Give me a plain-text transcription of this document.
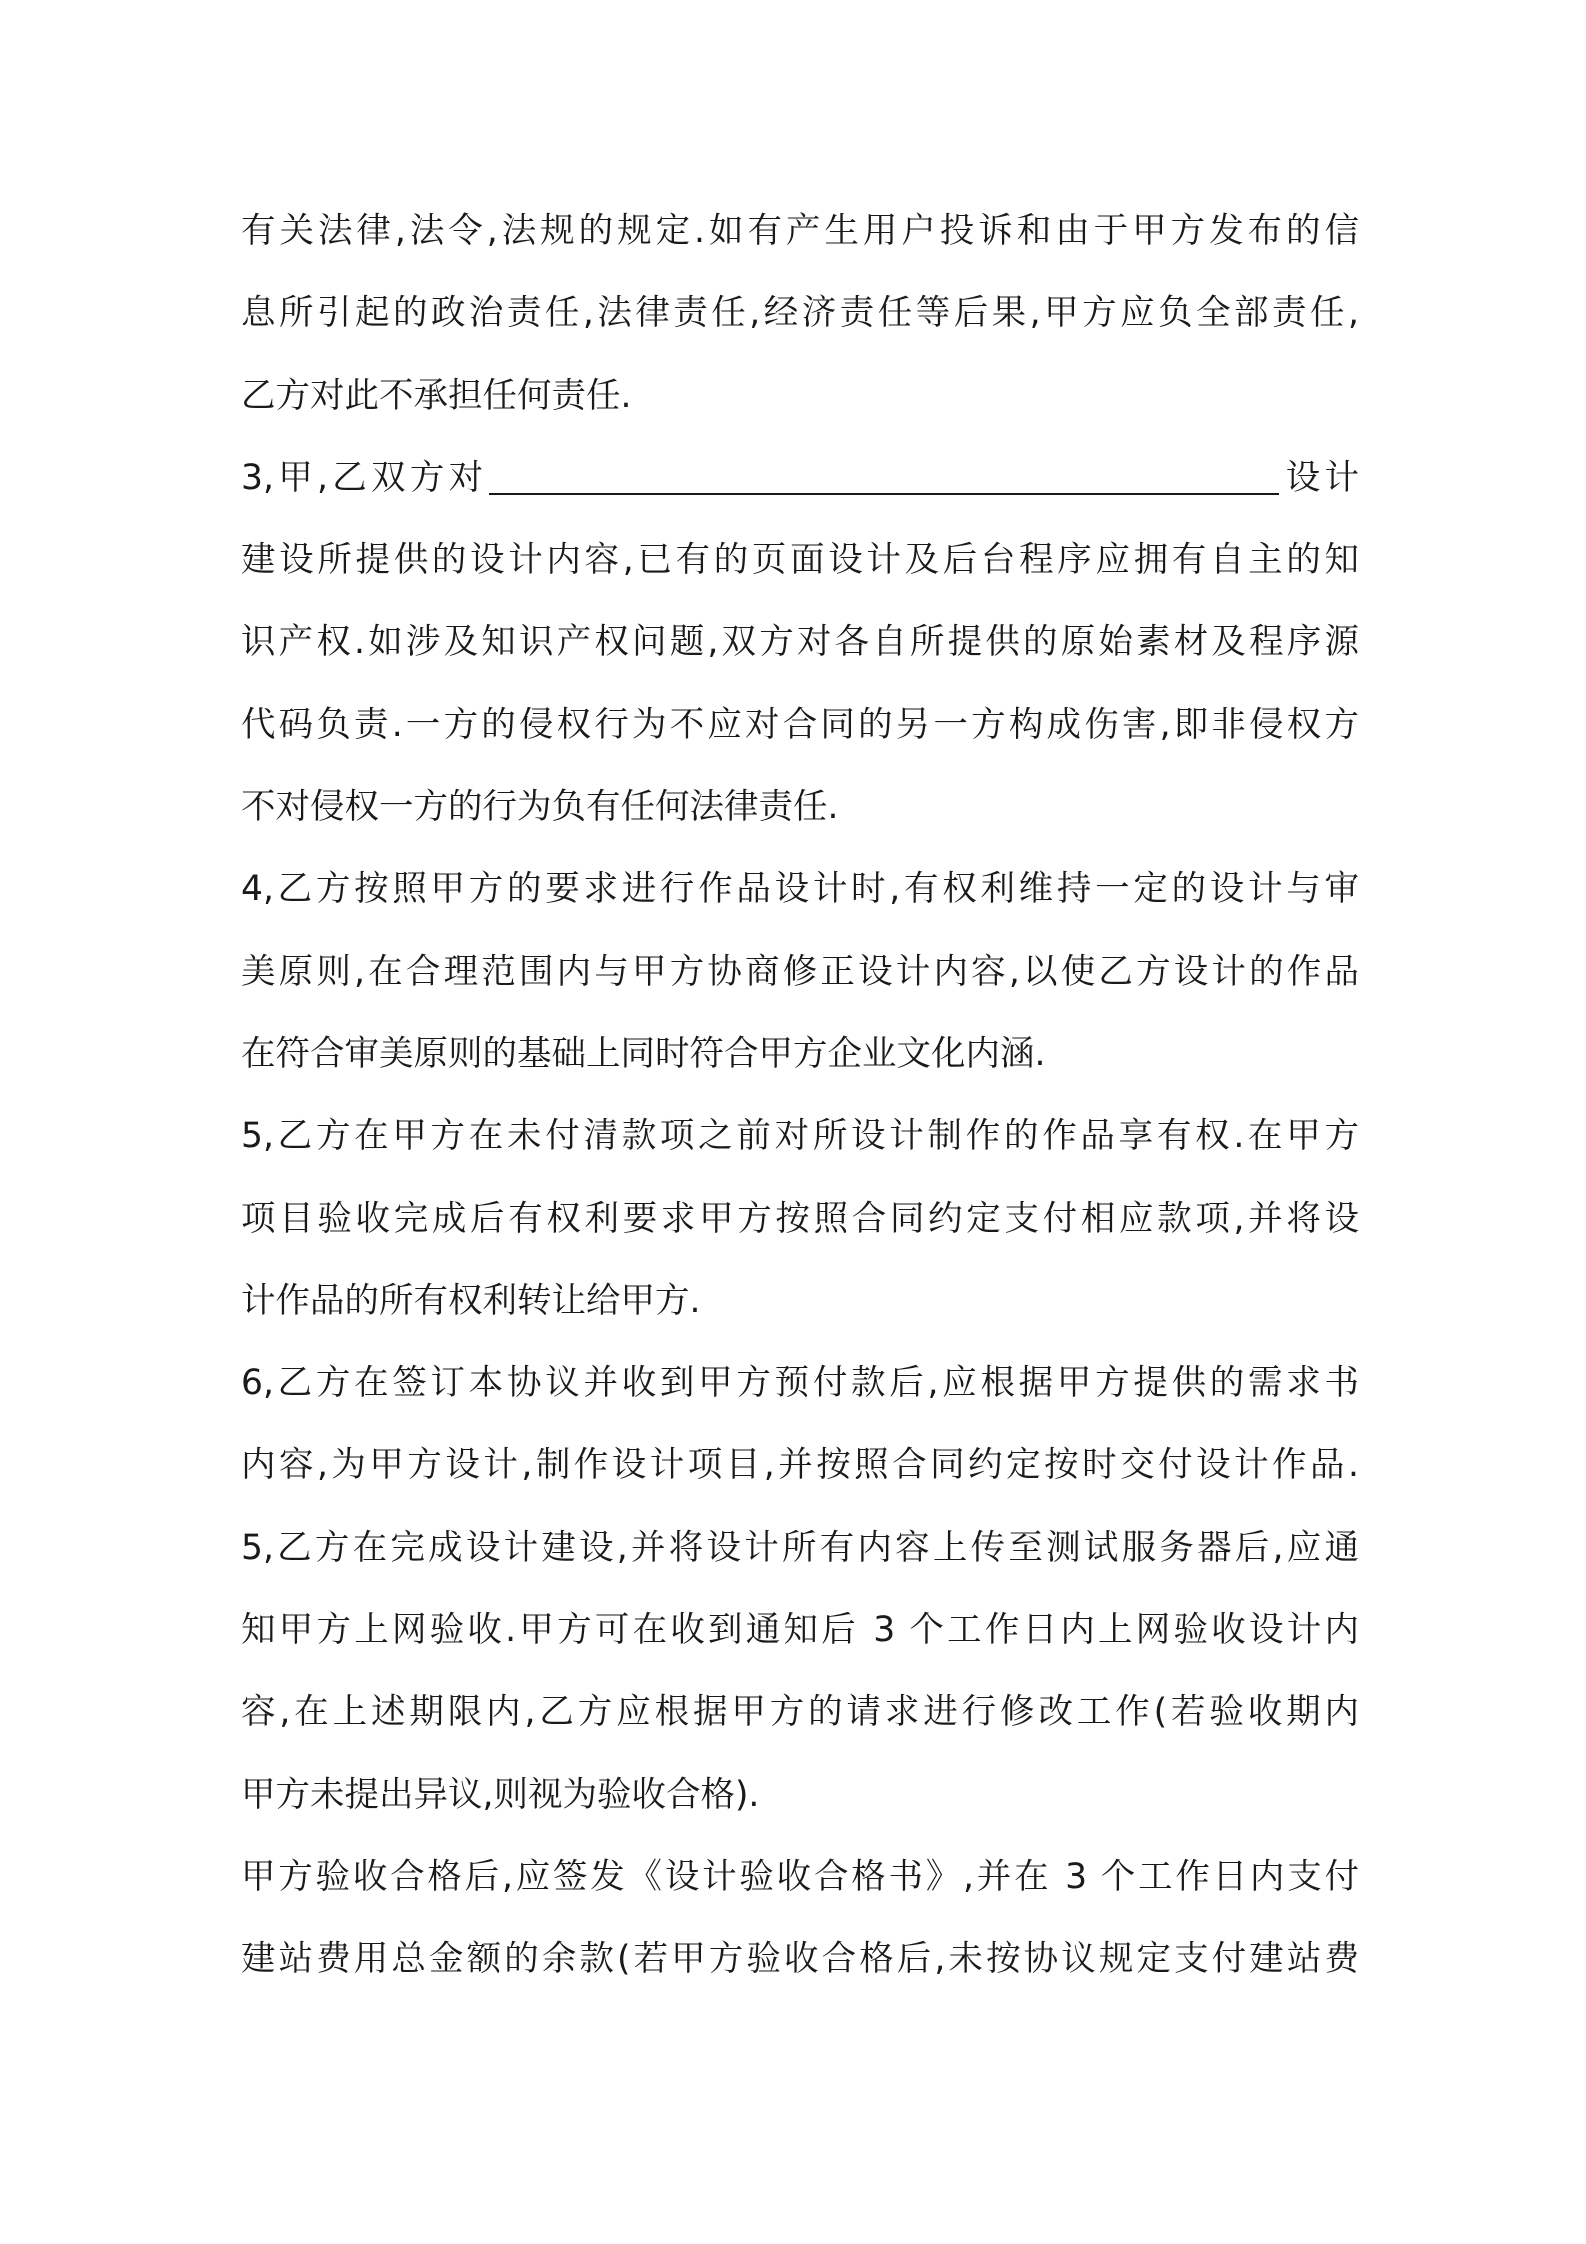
有关法律,法令,法规的规定.如有产生用户投诉和由于甲方发布的信
息所引起的政治责任,法律责任,经济责任等后果,甲方应负全部责任,
乙方对此不承担任何责任.
3,甲,乙双方对	设计
建设所提供的设计内容,已有的页面设计及后台程序应拥有自主的知
识产权.如涉及知识产权问题,双方对各自所提供的原始素材及程序源
代码负责.一方的侵权行为不应对合同的另一方构成伤害,即非侵权方
不对侵权一方的行为负有任何法律责任.
4,乙方按照甲方的要求进行作品设计时,有权利维持一定的设计与审
美原则,在合理范围内与甲方协商修正设计内容,以使乙方设计的作品
在符合审美原则的基础上同时符合甲方企业文化内涵.
5,乙方在甲方在未付清款项之前对所设计制作的作品享有权.在甲方
项目验收完成后有权利要求甲方按照合同约定支付相应款项,并将设
计作品的所有权利转让给甲方.
6,乙方在签订本协议并收到甲方预付款后,应根据甲方提供的需求书
内容,为甲方设计,制作设计项目,并按照合同约定按时交付设计作品.
5,乙方在完成设计建设,并将设计所有内容上传至测试服务器后,应通
知甲方上网验收.甲方可在收到通知后 3 个工作日内上网验收设计内
容,在上述期限内,乙方应根据甲方的请求进行修改工作(若验收期内
甲方未提出异议,则视为验收合格).
甲方验收合格后,应签发《设计验收合格书》,并在 3 个工作日内支付
建站费用总金额的余款(若甲方验收合格后,未按协议规定支付建站费
